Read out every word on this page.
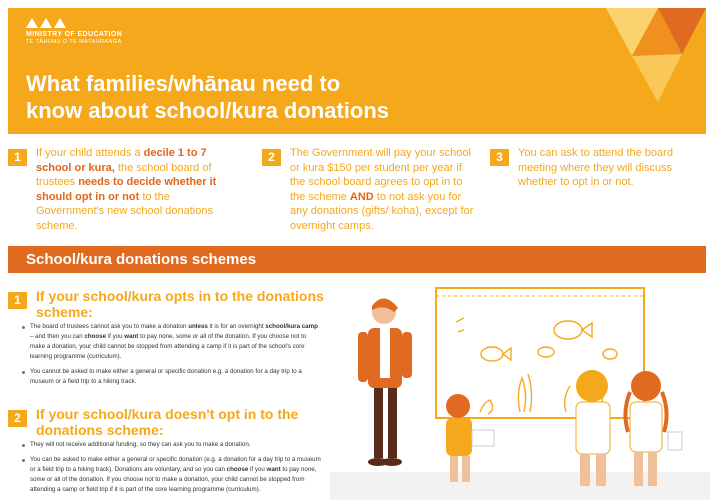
MINISTRY OF EDUCATION
TE TĀHUHU O TE MĀTAURANGA
What families/whānau need to
know about school/kura donations
1	If your child attends a decile 1 to 7 school or kura, the school board of trustees needs to decide whether it should opt in or not to the Government's new school donations scheme.
2	The Government will pay your school or kura $150 per student per year if the school board agrees to opt in to the scheme AND to not ask you for any donations (gifts/ koha), except for overnight camps.
3	You can ask to attend the board meeting where they will discuss whether to opt in or not.
School/kura donations schemes
1	If your school/kura opts in to the donations scheme:
The board of trustees cannot ask you to make a donation unless it is for an overnight school/kura camp – and then you can choose if you want to pay none, some or all of the donation. If you choose not to make a donation, your child cannot be stopped from attending a camp if it is part of the school's core learning programme (curriculum).
You cannot be asked to make either a general or specific donation e.g. a donation for a day trip to a museum or a field trip to a hiking track.
2	If your school/kura doesn't opt in to the donations scheme:
They will not receive additional funding, so they can ask you to make a donation.
You can be asked to make either a general or specific donation (e.g. a donation for a day trip to a museum or a field trip to a hiking track). Donations are voluntary, and so you can choose if you want to pay none, some or all of the donation. If you choose not to make a donation, your child cannot be stopped from attending a camp or field trip if it is part of the core learning programme (curriculum).
